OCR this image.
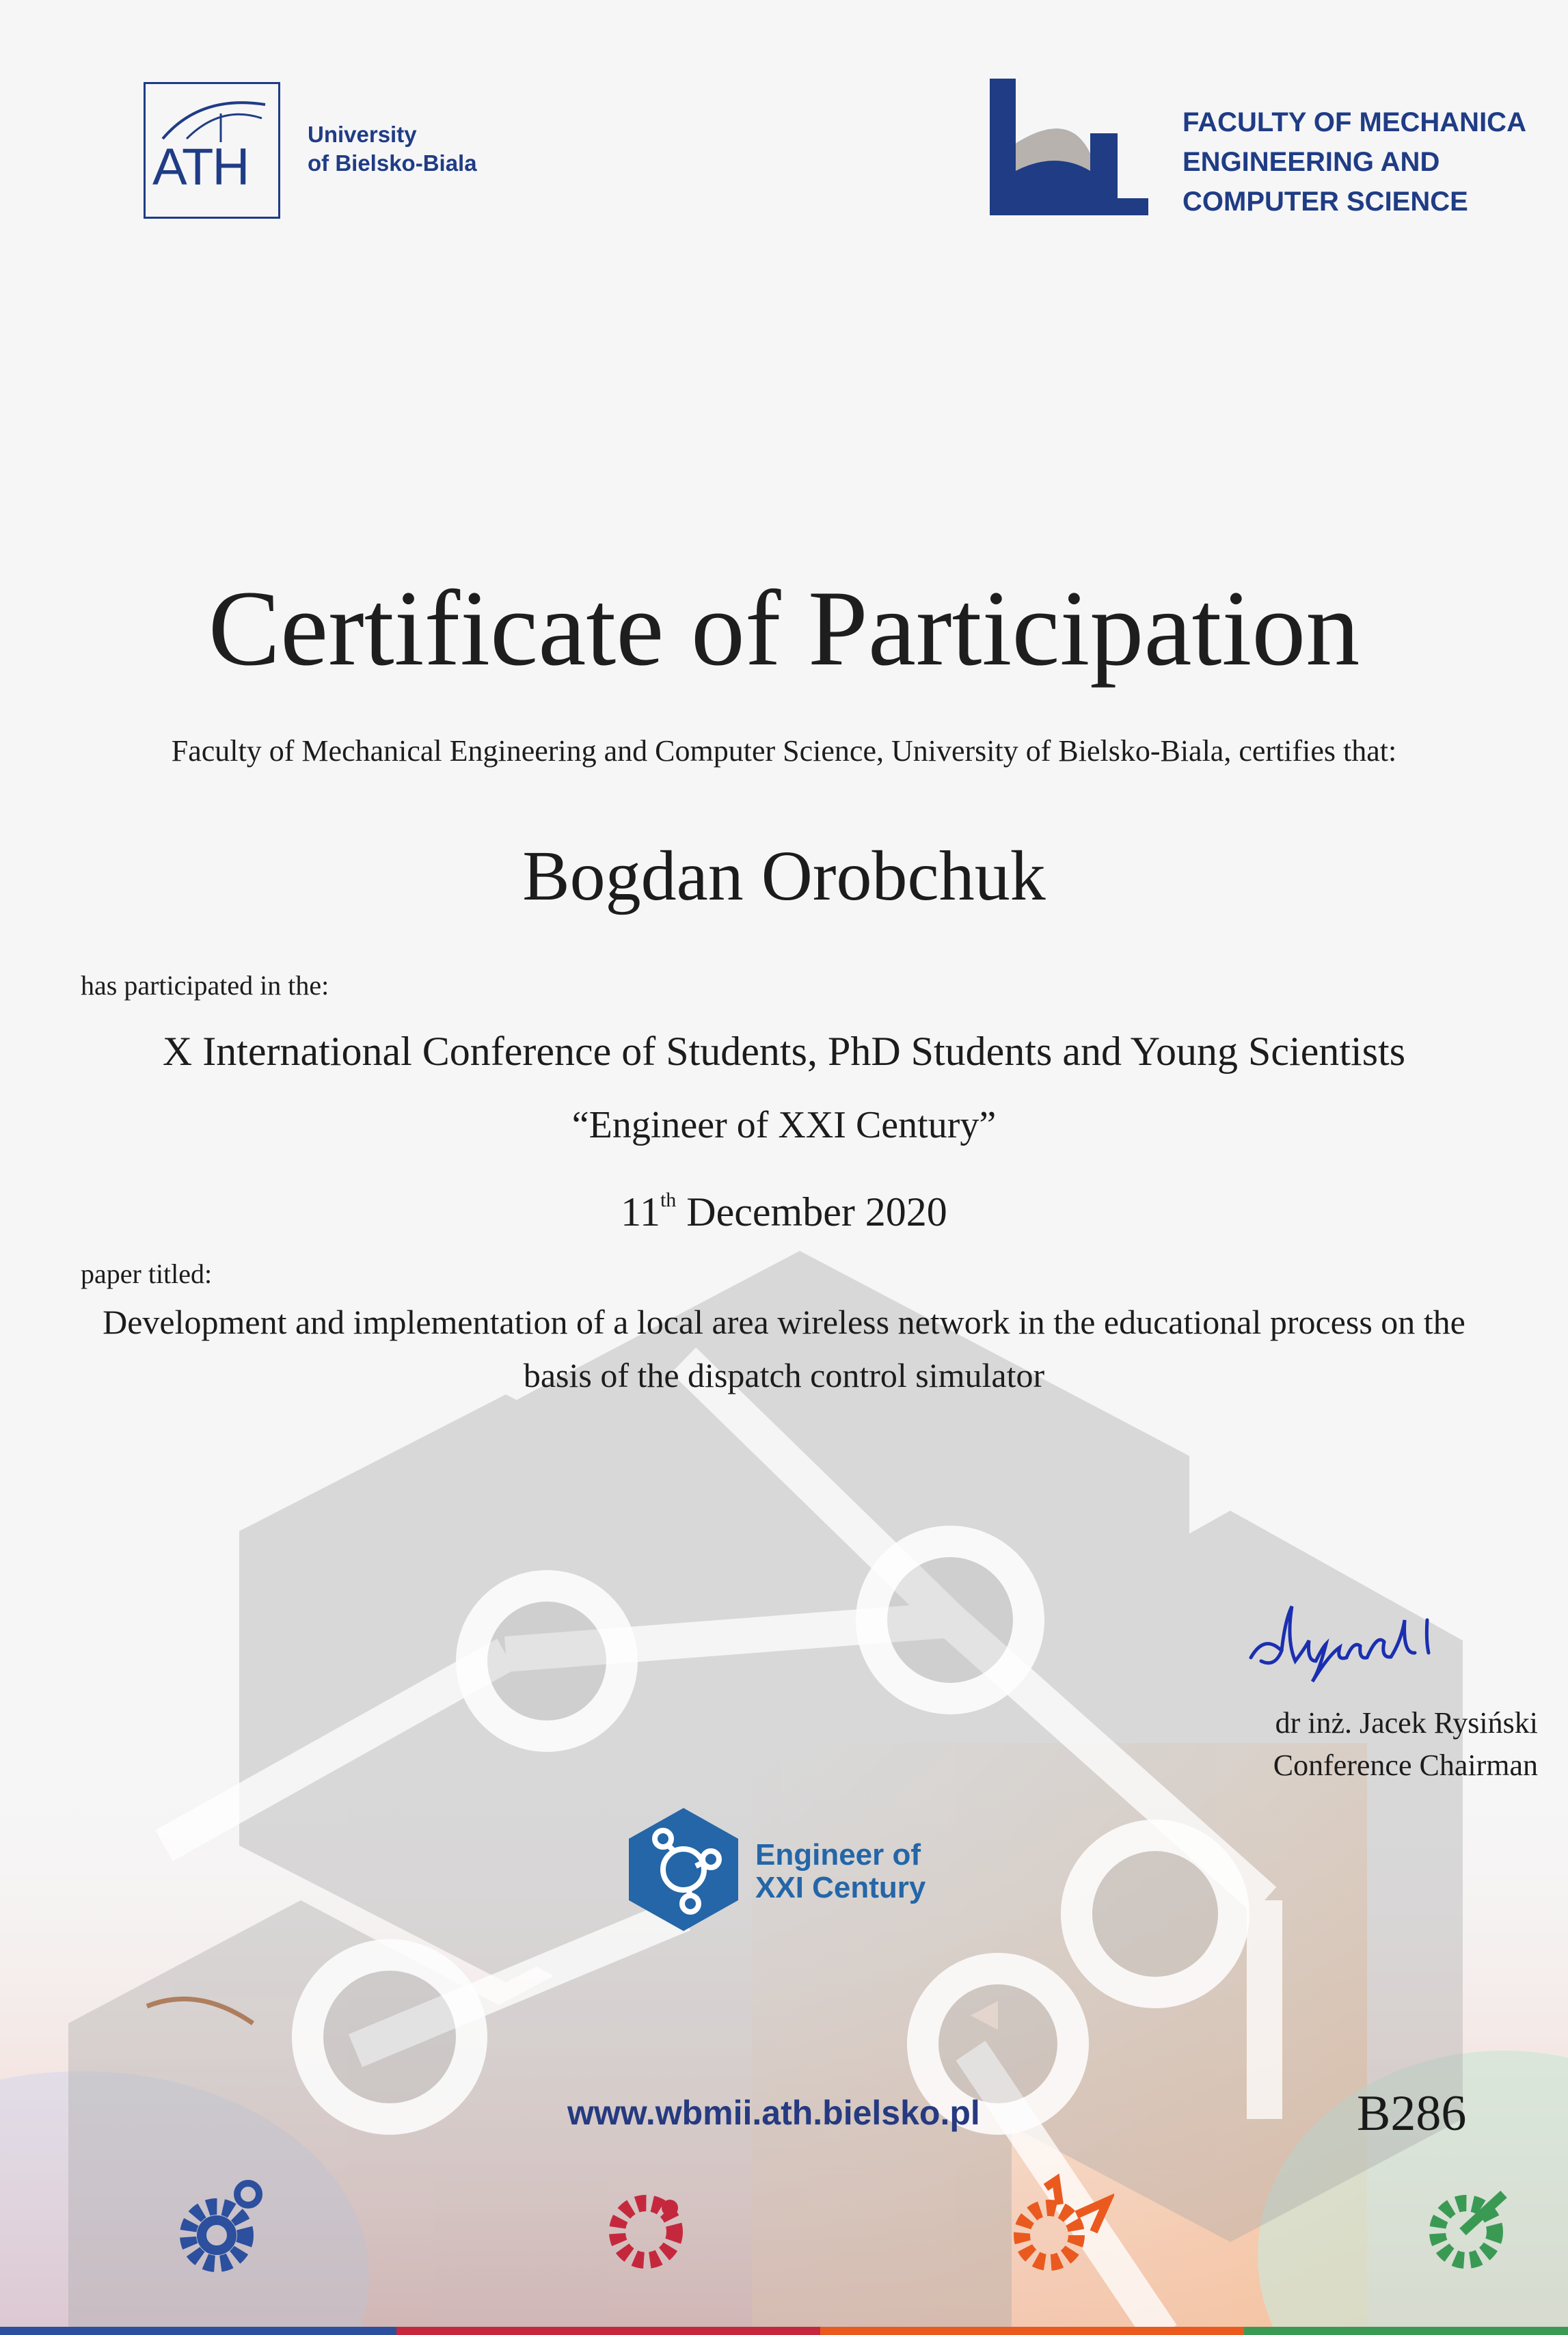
ATH
University
of Bielsko-Biala
FACULTY OF MECHANICA
ENGINEERING AND
COMPUTER SCIENCE
Certificate of Participation
Faculty of Mechanical Engineering and Computer Science, University of Bielsko-Biala, certifies that:
Bogdan Orobchuk
has participated in the:
X International Conference of Students, PhD Students and Young Scientists
“Engineer of XXI Century”
11th December 2020
paper titled:
Development and implementation of a local area wireless network in the educational process on the basis of the dispatch control simulator
dr inż. Jacek Rysiński
Conference Chairman
Engineer of
XXI Century
www.wbmii.ath.bielsko.pl	B286
